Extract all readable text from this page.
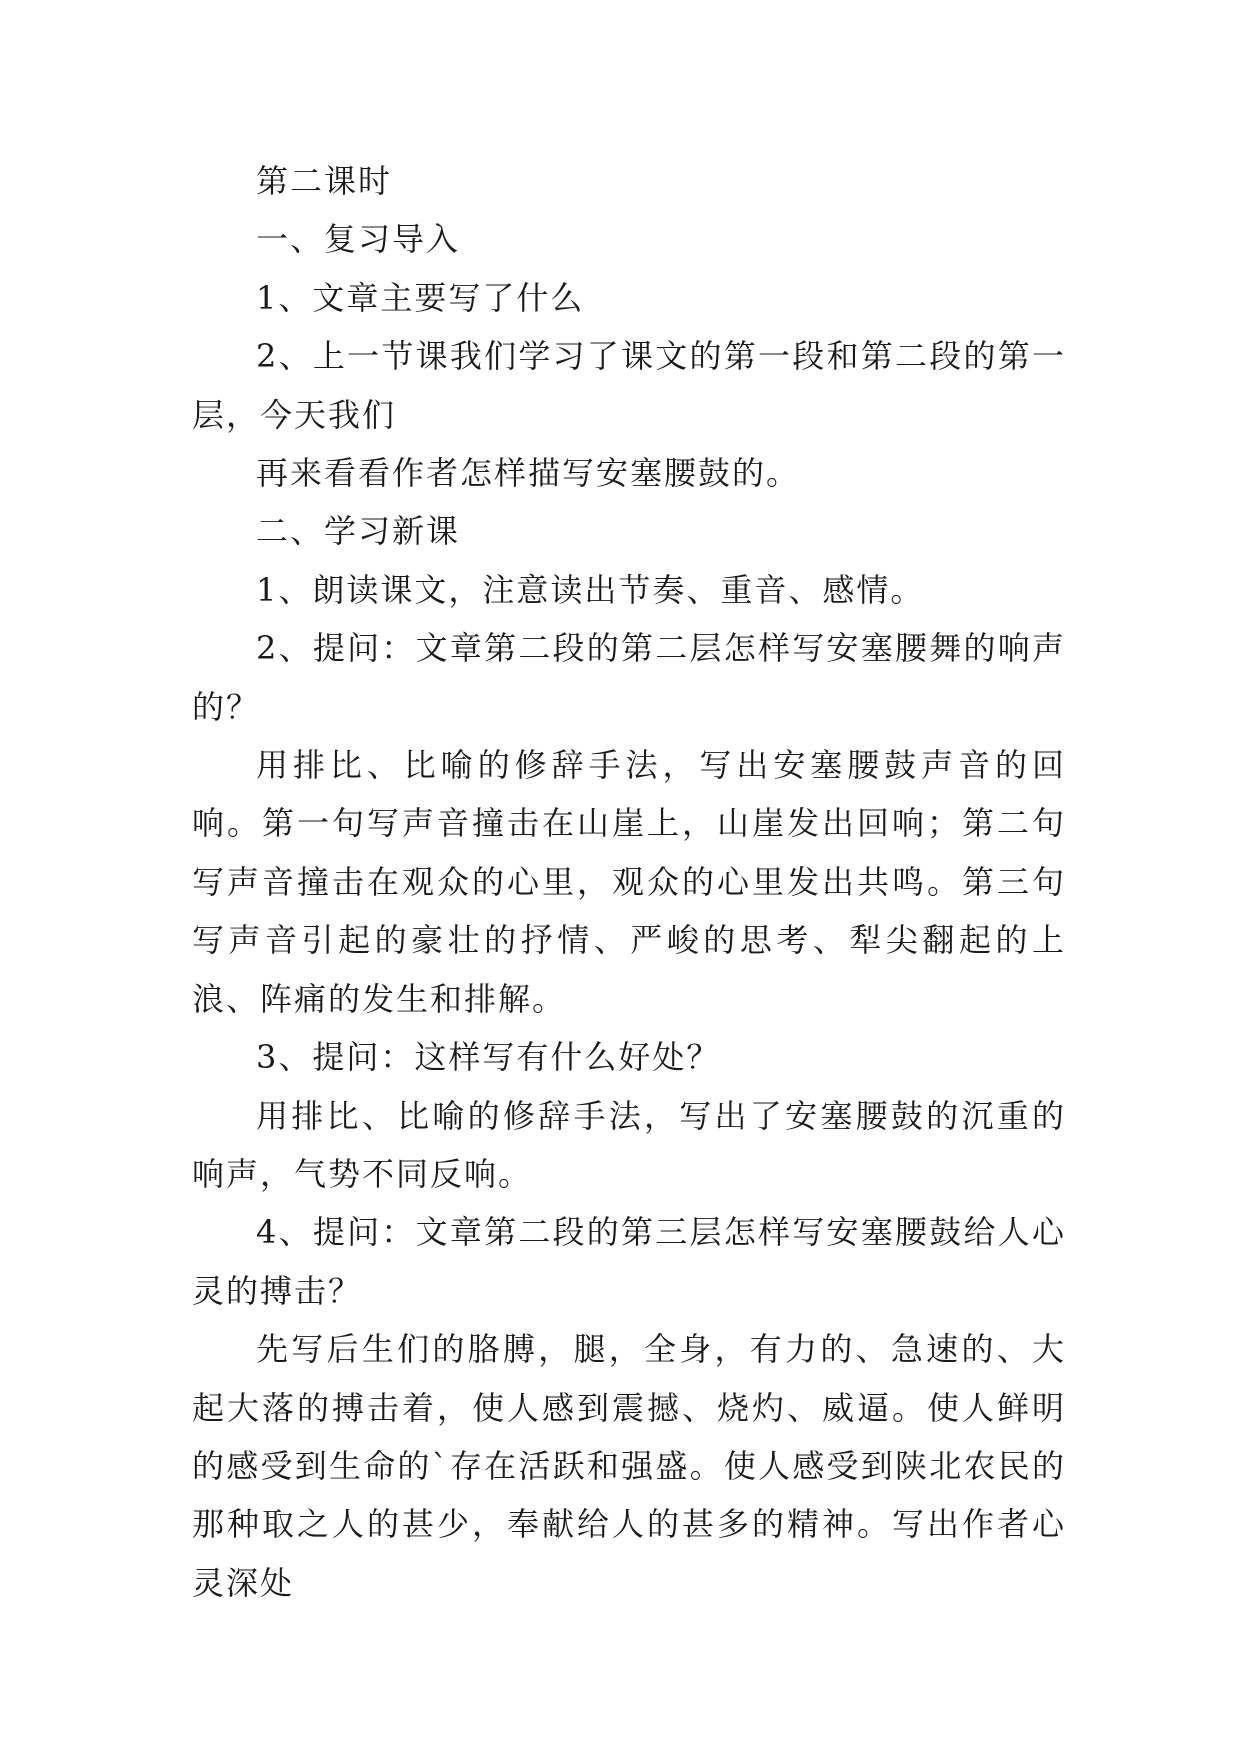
第二课时

一、复习导入

1、文章主要写了什么

2、上一节课我们学习了课文的第一段和第二段的第一层，今天我们

再来看看作者怎样描写安塞腰鼓的。

二、学习新课

1、朗读课文，注意读出节奏、重音、感情。

2、提问：文章第二段的第二层怎样写安塞腰舞的响声的？

用排比、比喻的修辞手法，写出安塞腰鼓声音的回响。第一句写声音撞击在山崖上，山崖发出回响；第二句写声音撞击在观众的心里，观众的心里发出共鸣。第三句写声音引起的豪壮的抒情、严峻的思考、犁尖翻起的上浪、阵痛的发生和排解。

3、提问：这样写有什么好处？

用排比、比喻的修辞手法，写出了安塞腰鼓的沉重的响声，气势不同反响。

4、提问：文章第二段的第三层怎样写安塞腰鼓给人心灵的搏击？

先写后生们的胳膊，腿，全身，有力的、急速的、大起大落的搏击着，使人感到震撼、烧灼、威逼。使人鲜明的感受到生命的`存在活跃和强盛。使人感受到陕北农民的那种取之人的甚少，奉献给人的甚多的精神。写出作者心灵深处
